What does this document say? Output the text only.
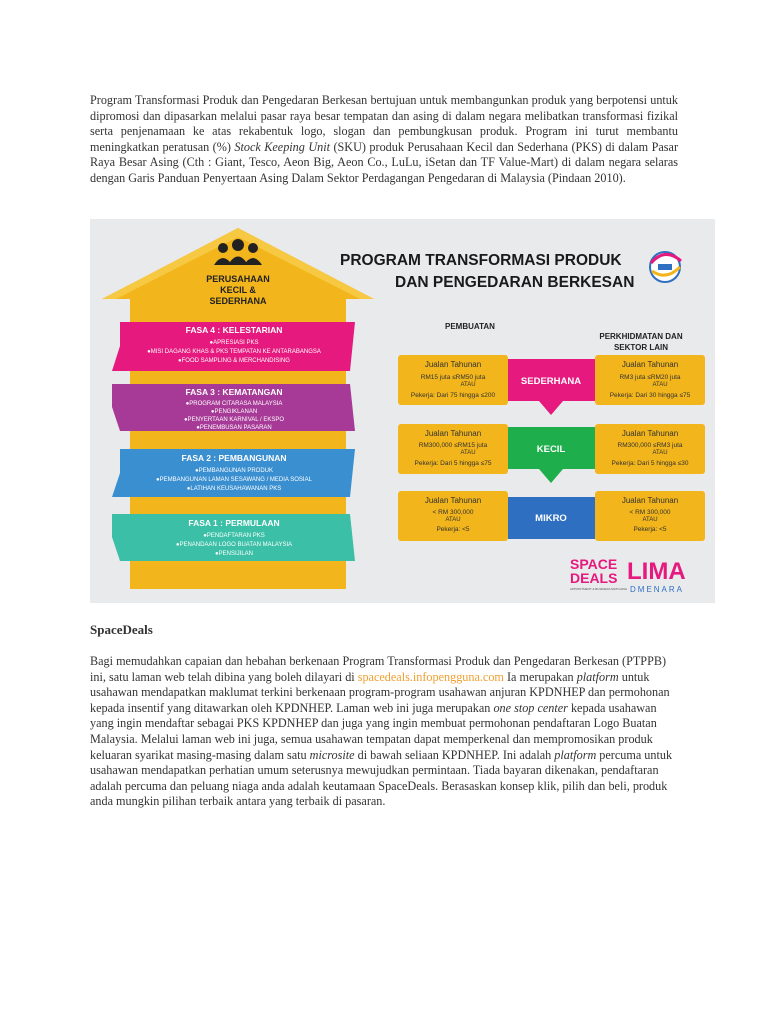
Program Transformasi Produk dan Pengedaran Berkesan bertujuan untuk membangunkan produk yang berpotensi untuk dipromosi dan dipasarkan melalui pasar raya besar tempatan dan asing di dalam negara melibatkan transformasi fizikal serta penjenamaan ke atas rekabentuk logo, slogan dan pembungkusan produk. Program ini turut membantu meningkatkan peratusan (%) Stock Keeping Unit (SKU) produk Perusahaan Kecil dan Sederhana (PKS) di dalam Pasar Raya Besar Asing (Cth : Giant, Tesco, Aeon Big, Aeon Co., LuLu, iSetan dan TF Value-Mart) di dalam negara selaras dengan Garis Panduan Penyertaan Asing Dalam Sektor Perdagangan Pengedaran di Malaysia (Pindaan 2010).
PERUSAHAAN
KECIL &
SEDERHANA
FASA 4 : KELESTARIAN
●APRESIASI PKS
●MISI DAGANG KHAS & PKS TEMPATAN KE ANTARABANGSA
●FOOD SAMPLING & MERCHANDISING
FASA 3 : KEMATANGAN
●PROGRAM CITARASA MALAYSIA
●PENGIKLANAN
●PENYERTAAN KARNIVAL / EKSPO
●PENEMBUSAN PASARAN
FASA 2 : PEMBANGUNAN
●PEMBANGUNAN PRODUK
●PEMBANGUNAN LAMAN SESAWANG / MEDIA SOSIAL
●LATIHAN KEUSAHAWANAN PKS
FASA 1 : PERMULAAN
●PENDAFTARAN PKS
●PENANDAAN LOGO BUATAN MALAYSIA
●PENSIJILAN
PROGRAM TRANSFORMASI PRODUK
DAN PENGEDARAN BERKESAN
PEMBUATAN
PERKHIDMATAN DAN
SEKTOR LAIN
SEDERHANA
Jualan Tahunan
RM15 juta ≤RM50 juta
ATAU
Pekerja: Dari 75 hingga ≤200
Jualan Tahunan
RM3 juta ≤RM20 juta
ATAU
Pekerja: Dari 30 hingga ≤75
KECIL
Jualan Tahunan
RM300,000 ≤RM15 juta
ATAU
Pekerja: Dari 5 hingga ≤75
Jualan Tahunan
RM300,000 ≤RM3 juta
ATAU
Pekerja: Dari 5 hingga ≤30
MIKRO
Jualan Tahunan
< RM 300,000
ATAU
Pekerja: <5
Jualan Tahunan
< RM 300,000
ATAU
Pekerja: <5
SPACE
DEALS
APPOINTMENT & BUSINESS MATCHING
LIMA
DMENARA
SpaceDeals
Bagi memudahkan capaian dan hebahan berkenaan Program Transformasi Produk dan Pengedaran Berkesan (PTPPB) ini, satu laman web telah dibina yang boleh dilayari di spacedeals.infopengguna.com Ia merupakan platform untuk usahawan mendapatkan maklumat terkini berkenaan program-program usahawan anjuran KPDNHEP dan permohonan kepada insentif yang ditawarkan oleh KPDNHEP. Laman web ini juga merupakan one stop center kepada usahawan yang ingin mendaftar sebagai PKS KPDNHEP dan juga yang ingin membuat permohonan pendaftaran Logo Buatan Malaysia. Melalui laman web ini juga, semua usahawan tempatan dapat memperkenal dan mempromosikan produk keluaran syarikat masing-masing dalam satu microsite di bawah seliaan KPDNHEP. Ini adalah platform percuma untuk usahawan mendapatkan perhatian umum seterusnya mewujudkan permintaan. Tiada bayaran dikenakan, pendaftaran adalah percuma dan peluang niaga anda adalah keutamaan SpaceDeals. Berasaskan konsep klik, pilih dan beli, produk anda mungkin pilihan terbaik antara yang terbaik di pasaran.
